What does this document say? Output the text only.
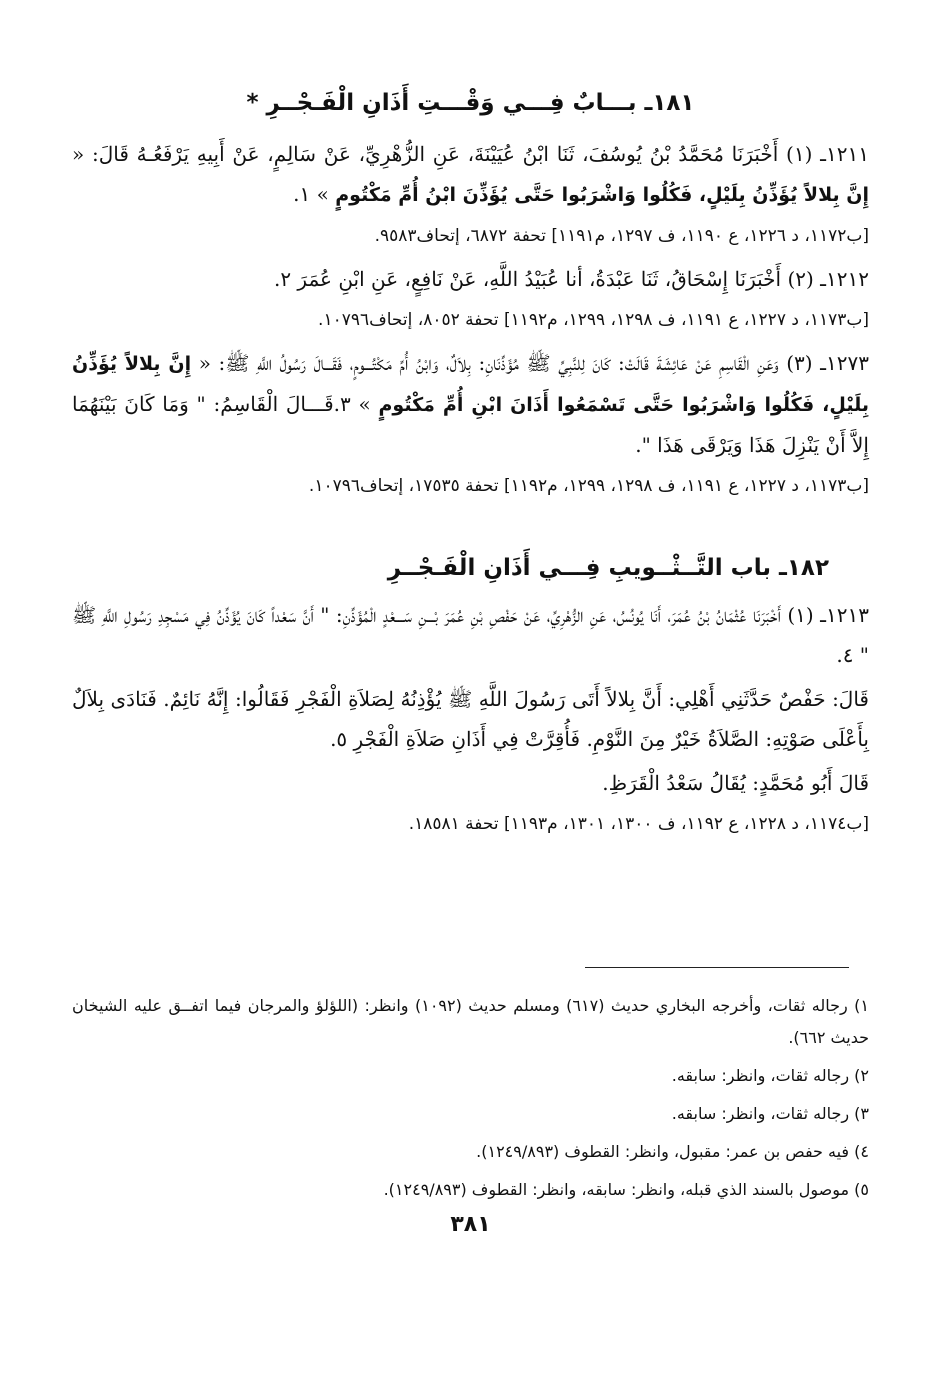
١٨١ـ بـــابٌ فِـــي وَقْـــتِ أَذَانِ الْفَـجْــرِ *

١٢١١ـ (١) أَخْبَرَنَا مُحَمَّدُ بْنُ يُوسُفَ، ثَنَا ابْنُ عُيَيْنَةَ، عَنِ الزُّهْرِيِّ، عَنْ سَالِمٍ، عَنْ أَبِيهِ يَرْفَعُـهُ قَالَ: « إِنَّ بِلالاً يُؤَذِّنُ بِلَيْلٍ، فَكُلُوا وَاشْرَبُوا حَتَّى يُؤَذِّنَ ابْنُ أُمِّ مَكْتُومٍ » ١.

[ب١١٧٢، د ١٢٢٦، ع ١١٩٠، ف ١٢٩٧، م١١٩١] تحفة ٦٨٧٢، إتحاف٩٥٨٣.

١٢١٢ـ (٢) أَخْبَرَنَا إِسْحَاقُ، ثَنَا عَبْدَةُ، أنا عُبَيْدُ اللَّهِ، عَنْ نَافِعٍ، عَنِ ابْنِ عُمَرَ ٢.

[ب١١٧٣، د ١٢٢٧، ع ١١٩١، ف ١٢٩٨، ١٢٩٩، م١١٩٢] تحفة ٨٠٥٢، إتحاف١٠٧٩٦.

١٢٧٣ـ (٣) وَعَنِ الْقَاسِمِ عَنْ عَائِشَةَ قَالَتْ: كَانَ لِلنَّبِيِّ ﷺ مُؤَذِّنَانِ: بِلاَلٌ، وَابْنُ أُمِّ مَكْتُـــومٍ، فَقَـــالَ رَسُولُ اللَّهِ ﷺ: « إِنَّ بِلالاً يُؤَذِّنُ بِلَيْلٍ، فَكُلُوا وَاشْرَبُوا حَتَّى تَسْمَعُوا أَذَانَ ابْنِ أُمِّ مَكْتُومٍ » ٣.قَـــالَ الْقَاسِمُ: " وَمَا كَانَ بَيْنَهُمَا إِلاَّ أَنْ يَنْزِلَ هَذَا وَيَرْقَى هَذَا ".

[ب١١٧٣، د ١٢٢٧، ع ١١٩١، ف ١٢٩٨، ١٢٩٩، م١١٩٢] تحفة ١٧٥٣٥، إتحاف١٠٧٩٦.

١٨٢ـ باب التَّــثْــويبِ فِـــي أَذَانِ الْفَـجْــرِ

١٢١٣ـ (١) أَخْبَرَنَا عُثْمَانُ بْنُ عُمَرَ، أَنَا يُونُسُ، عَنِ الزُّهْرِيِّ، عَنْ حَفْصِ بْنِ عُمَرَ بْـــنِ سَـــعْدٍ الْمُؤَذِّنِ: " أَنَّ سَعْداً كَانَ يُؤَذِّنُ فِي مَسْجِدِ رَسُولِ اللَّهِ ﷺ " ٤.

قَالَ: حَفْصٌ حَدَّثَنِي أَهْلِي: أَنَّ بِلالاً أَتَى رَسُولَ اللَّهِ ﷺ يُؤْذِنُهُ لِصَلاَةِ الْفَجْرِ فَقَالُوا: إِنَّهُ نَائِمٌ. فَنَادَى بِلاَلٌ بِأَعْلَى صَوْتِهِ: الصَّلاَةُ خَيْرٌ مِنَ النَّوْمِ. فَأُقِرَّتْ فِي أَذَانِ صَلاَةِ الْفَجْرِ ٥.

قَالَ أَبُو مُحَمَّدٍ: يُقَالُ سَعْدُ الْقَرَظِ.

[ب١١٧٤، د ١٢٢٨، ع ١١٩٢، ف ١٣٠٠، ١٣٠١، م١١٩٣] تحفة ١٨٥٨١.

١) رجاله ثقات، وأخرجه البخاري حديث (٦١٧) ومسلم حديث (١٠٩٢) وانظر: (اللؤلؤ والمرجان فيما اتفــق عليه الشيخان حديث ٦٦٢).

٢) رجاله ثقات، وانظر: سابقه.

٣) رجاله ثقات، وانظر: سابقه.

٤) فيه حفص بن عمر: مقبول، وانظر: القطوف (١٢٤٩/٨٩٣).

٥) موصول بالسند الذي قبله، وانظر: سابقه، وانظر: القطوف (١٢٤٩/٨٩٣).

٣٨١
